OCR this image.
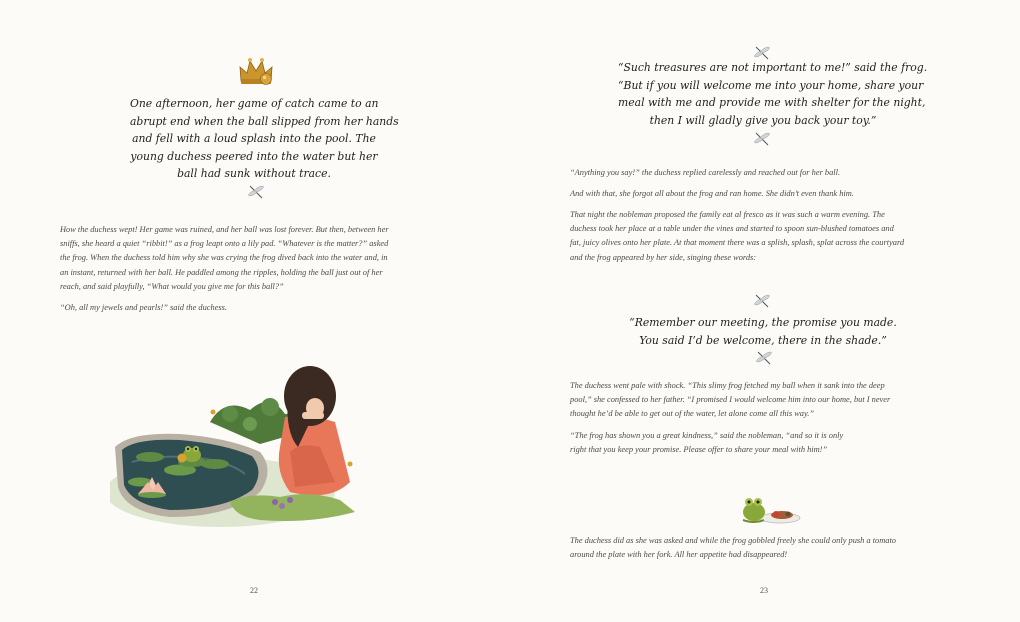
One afternoon, her game of catch came to an
abrupt end when the ball slipped from her hands
and fell with a loud splash into the pool. The
young duchess peered into the water but her
ball had sunk without trace.
How the duchess wept! Her game was ruined, and her ball was lost forever. But then, between her
sniffs, she heard a quiet “ribbit!” as a frog leapt onto a lily pad. “Whatever is the matter?” asked
the frog. When the duchess told him why she was crying the frog dived back into the water and, in
an instant, returned with her ball. He paddled among the ripples, holding the ball just out of her
reach, and said playfully, “What would you give me for this ball?”
“Oh, all my jewels and pearls!” said the duchess.
22
“Such treasures are not important to me!” said the frog.
“But if you will welcome me into your home, share your
meal with me and provide me with shelter for the night,
then I will gladly give you back your toy.”
“Anything you say!” the duchess replied carelessly and reached out for her ball.
And with that, she forgot all about the frog and ran home. She didn’t even thank him.
That night the nobleman proposed the family eat al fresco as it was such a warm evening. The
duchess took her place at a table under the vines and started to spoon sun-blushed tomatoes and
fat, juicy olives onto her plate. At that moment there was a splish, splash, splat across the courtyard
and the frog appeared by her side, singing these words:
“Remember our meeting, the promise you made.
You said I’d be welcome, there in the shade.”
The duchess went pale with shock. “This slimy frog fetched my ball when it sank into the deep
pool,” she confessed to her father. “I promised I would welcome him into our home, but I never
thought he’d be able to get out of the water, let alone come all this way.”
“The frog has shown you a great kindness,” said the nobleman, “and so it is only
right that you keep your promise. Please offer to share your meal with him!”
The duchess did as she was asked and while the frog gobbled freely she could only push a tomato
around the plate with her fork. All her appetite had disappeared!
23
